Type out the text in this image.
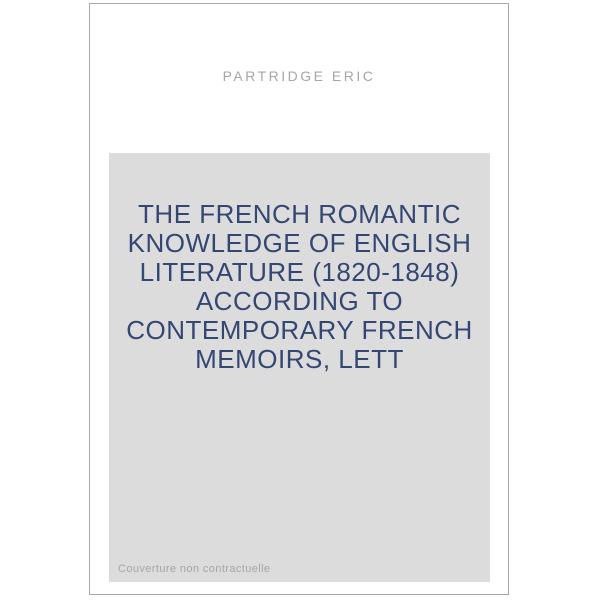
PARTRIDGE ERIC
THE FRENCH ROMANTIC
KNOWLEDGE OF ENGLISH
LITERATURE (1820-1848)
ACCORDING TO
CONTEMPORARY FRENCH
MEMOIRS, LETT
Couverture non contractuelle
